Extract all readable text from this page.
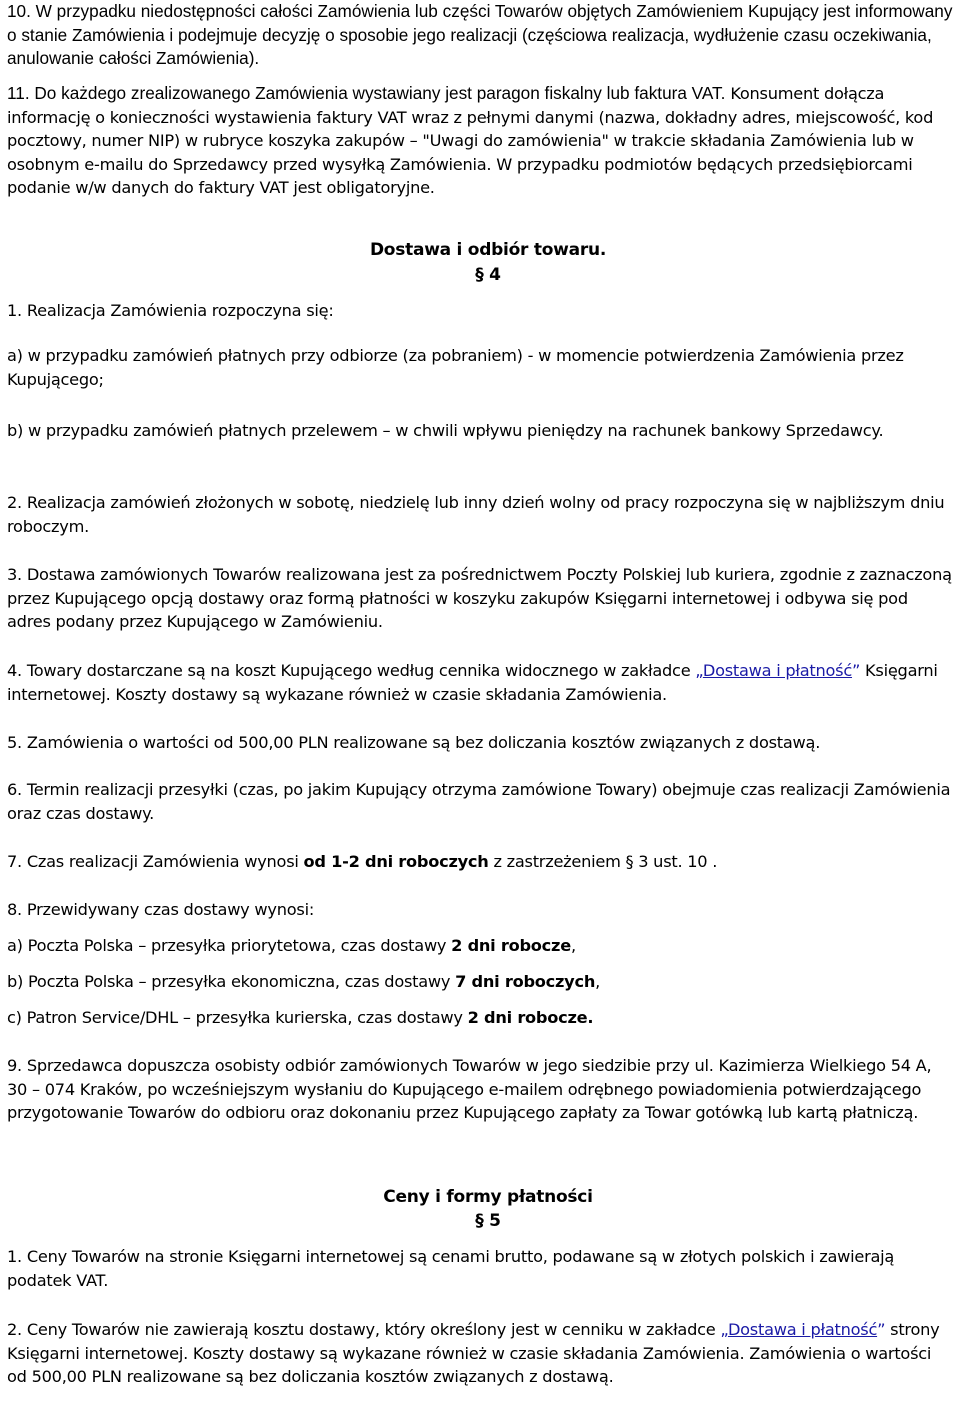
10. W przypadku niedostępności całości Zamówienia lub części Towarów objętych Zamówieniem Kupujący jest informowany o stanie Zamówienia i podejmuje decyzję o sposobie jego realizacji (częściowa realizacja, wydłużenie czasu oczekiwania, anulowanie całości Zamówienia).

11. Do każdego zrealizowanego Zamówienia wystawiany jest paragon fiskalny lub faktura VAT. Konsument dołącza informację o konieczności wystawienia faktury VAT wraz z pełnymi danymi (nazwa, dokładny adres, miejscowość, kod pocztowy, numer NIP) w rubryce koszyka zakupów – "Uwagi do zamówienia" w trakcie składania Zamówienia lub w osobnym e-mailu do Sprzedawcy przed wysyłką Zamówienia. W przypadku podmiotów będących przedsiębiorcami podanie w/w danych do faktury VAT jest obligatoryjne.

Dostawa i odbiór towaru.
§ 4

1. Realizacja Zamówienia rozpoczyna się:

a) w przypadku zamówień płatnych przy odbiorze (za pobraniem) - w momencie potwierdzenia Zamówienia przez Kupującego;

b) w przypadku zamówień płatnych przelewem – w chwili wpływu pieniędzy na rachunek bankowy Sprzedawcy.

2. Realizacja zamówień złożonych w sobotę, niedzielę lub inny dzień wolny od pracy rozpoczyna się w najbliższym dniu roboczym.

3. Dostawa zamówionych Towarów realizowana jest za pośrednictwem Poczty Polskiej lub kuriera, zgodnie z zaznaczoną przez Kupującego opcją dostawy oraz formą płatności w koszyku zakupów Księgarni internetowej i odbywa się pod adres podany przez Kupującego w Zamówieniu.

4. Towary dostarczane są na koszt Kupującego według cennika widocznego w zakładce „Dostawa i płatność” Księgarni internetowej. Koszty dostawy są wykazane również w czasie składania Zamówienia.

5. Zamówienia o wartości od 500,00 PLN realizowane są bez doliczania kosztów związanych z dostawą.

6. Termin realizacji przesyłki (czas, po jakim Kupujący otrzyma zamówione Towary) obejmuje czas realizacji Zamówienia oraz czas dostawy.

7. Czas realizacji Zamówienia wynosi od 1-2 dni roboczych z zastrzeżeniem § 3 ust. 10 .

8. Przewidywany czas dostawy wynosi:

a) Poczta Polska – przesyłka priorytetowa, czas dostawy 2 dni robocze,

b) Poczta Polska – przesyłka ekonomiczna, czas dostawy 7 dni roboczych,

c) Patron Service/DHL – przesyłka kurierska, czas dostawy 2 dni robocze.

9. Sprzedawca dopuszcza osobisty odbiór zamówionych Towarów w jego siedzibie przy ul. Kazimierza Wielkiego 54 A, 30 – 074 Kraków, po wcześniejszym wysłaniu do Kupującego e-mailem odrębnego powiadomienia potwierdzającego przygotowanie Towarów do odbioru oraz dokonaniu przez Kupującego zapłaty za Towar gotówką lub kartą płatniczą.

Ceny i formy płatności
§ 5

1. Ceny Towarów na stronie Księgarni internetowej są cenami brutto, podawane są w złotych polskich i zawierają podatek VAT.

2. Ceny Towarów nie zawierają kosztu dostawy, który określony jest w cenniku w zakładce „Dostawa i płatność” strony Księgarni internetowej. Koszty dostawy są wykazane również w czasie składania Zamówienia. Zamówienia o wartości od 500,00 PLN realizowane są bez doliczania kosztów związanych z dostawą.
